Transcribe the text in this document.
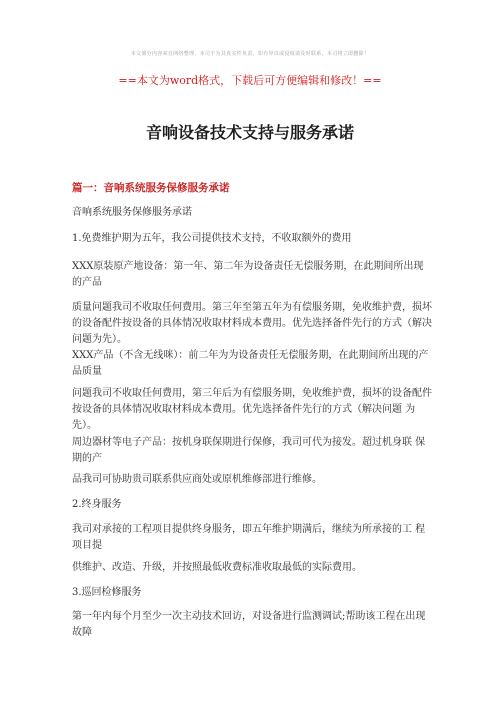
本文部分内容来自网络整理，本司不为其真实性负责，如有异议或侵权请及时联系，本司将立即删除！
==本文为word格式，下载后可方便编辑和修改！==
音响设备技术支持与服务承诺
篇一：音响系统服务保修服务承诺
音响系统服务保修服务承诺
1.免费维护期为五年，我公司提供技术支持，不收取额外的费用
XXX原装原产地设备：第一年、第二年为设备责任无偿服务期，在此期间所出现的产品
质量问题我司不收取任何费用。第三年至第五年为有偿服务期，免收维护费，损坏的设备配件按设备的具体情况收取材料成本费用。优先选择备件先行的方式（解决问题为先）。
XXX产品（不含无线咪）：前二年为为设备责任无偿服务期，在此期间所出现的产品质量
问题我司不收取任何费用，第三年后为有偿服务期，免收维护费，损坏的设备配件按设备的具体情况收取材料成本费用。优先选择备件先行的方式（解决问题 为先）。
周边器材等电子产品：按机身联保期进行保修，我司可代为接发。超过机身联 保期的产
品我司可协助贵司联系供应商处或原机维修部进行维修。
2.终身服务
我司对承接的工程项目提供终身服务，即五年维护期满后，继续为所承接的工 程项目提
供维护、改造、升级，并按照最低收费标准收取最低的实际费用。
3.巡回检修服务
第一年内每个月至少一次主动技术回访，对设备进行监测调试;帮助该工程在出现故障
